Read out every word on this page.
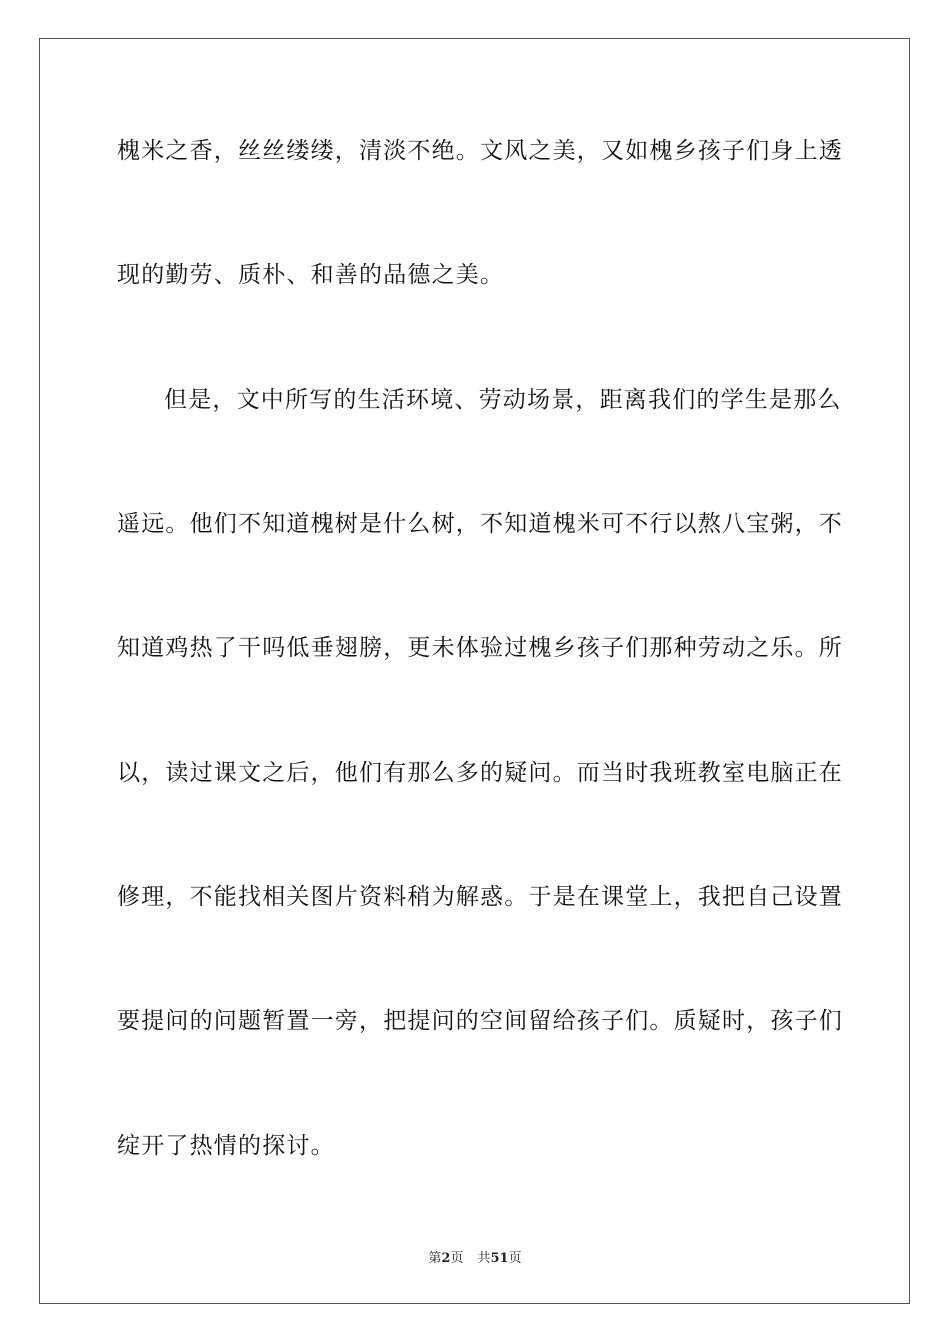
槐米之香，丝丝缕缕，清淡不绝。文风之美，又如槐乡孩子们身上透
现的勤劳、质朴、和善的品德之美。
但是，文中所写的生活环境、劳动场景，距离我们的学生是那么
遥远。他们不知道槐树是什么树，不知道槐米可不行以熬八宝粥，不
知道鸡热了干吗低垂翅膀，更未体验过槐乡孩子们那种劳动之乐。所
以，读过课文之后，他们有那么多的疑问。而当时我班教室电脑正在
修理，不能找相关图片资料稍为解惑。于是在课堂上，我把自己设置
要提问的问题暂置一旁，把提问的空间留给孩子们。质疑时，孩子们
绽开了热情的探讨。
第2页 共51页
